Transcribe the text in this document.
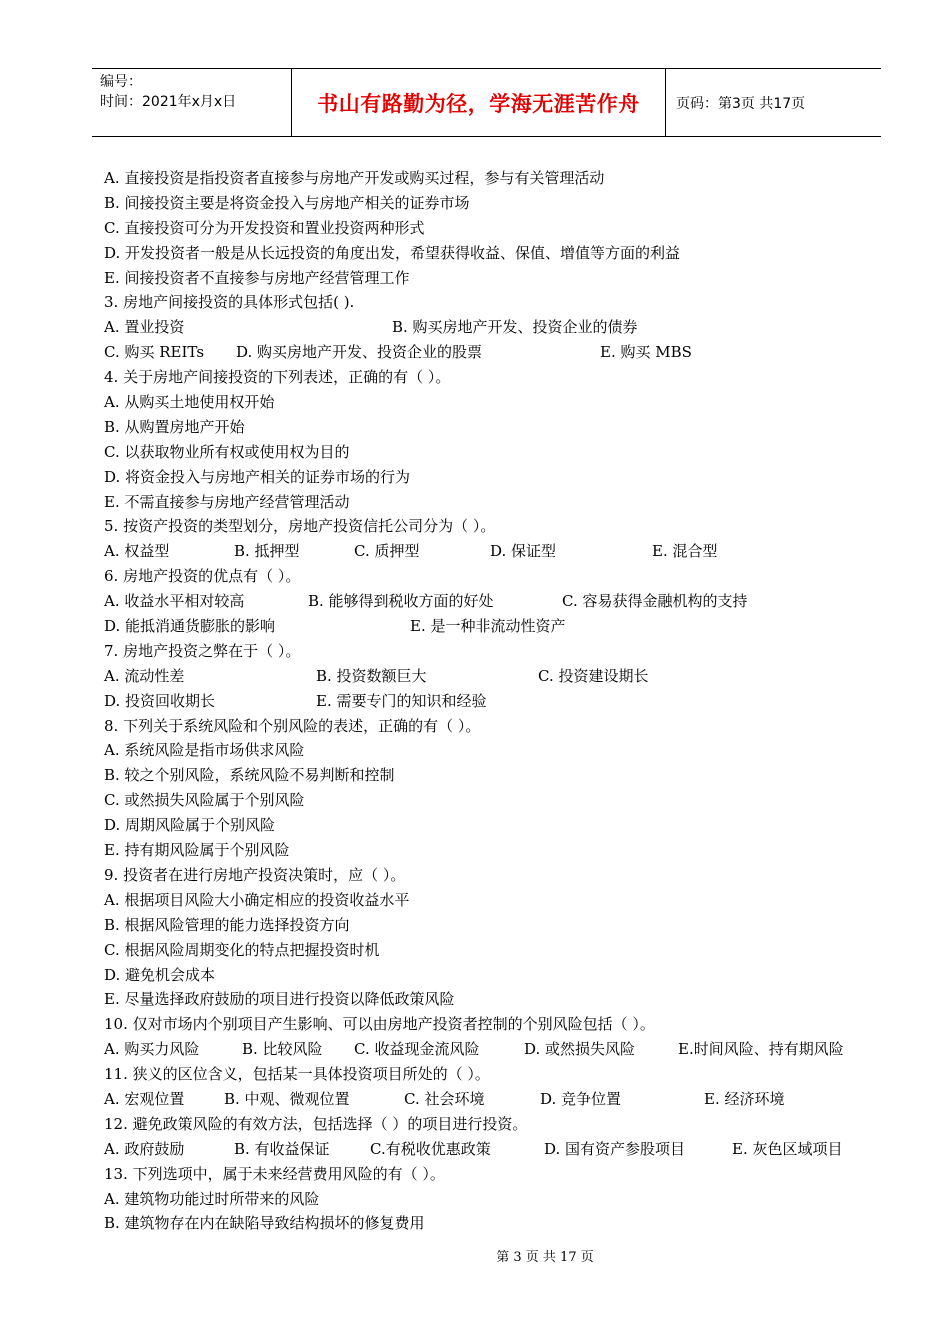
编号：
时间：2021年x月x日	书山有路勤为径，学海无涯苦作舟	页码：第3页 共17页
A. 直接投资是指投资者直接参与房地产开发或购买过程，参与有关管理活动
B. 间接投资主要是将资金投入与房地产相关的证券市场
C. 直接投资可分为开发投资和置业投资两种形式
D. 开发投资者一般是从长远投资的角度出发，希望获得收益、保值、增值等方面的利益
E. 间接投资者不直接参与房地产经营管理工作
3. 房地产间接投资的具体形式包括( ).
A. 置业投资	B. 购买房地产开发、投资企业的债券
C. 购买 REITs D. 购买房地产开发、投资企业的股票	E. 购买 MBS
4. 关于房地产间接投资的下列表述，正确的有（ ）。
A. 从购买土地使用权开始
B. 从购置房地产开始
C. 以获取物业所有权或使用权为目的
D. 将资金投入与房地产相关的证券市场的行为
E. 不需直接参与房地产经营管理活动
5. 按资产投资的类型划分，房地产投资信托公司分为（ ）。
A. 权益型	B. 抵押型	C. 质押型	D. 保证型	E. 混合型
6. 房地产投资的优点有（ ）。
A. 收益水平相对较高	B. 能够得到税收方面的好处	C. 容易获得金融机构的支持
D. 能抵消通货膨胀的影响	E. 是一种非流动性资产
7. 房地产投资之弊在于（ ）。
A. 流动性差	B. 投资数额巨大	C. 投资建设期长
D. 投资回收期长	E. 需要专门的知识和经验
8. 下列关于系统风险和个别风险的表述，正确的有（ ）。
A. 系统风险是指市场供求风险
B. 较之个别风险，系统风险不易判断和控制
C. 或然损失风险属于个别风险
D. 周期风险属于个别风险
E. 持有期风险属于个别风险
9. 投资者在进行房地产投资决策时，应（ ）。
A. 根据项目风险大小确定相应的投资收益水平
B. 根据风险管理的能力选择投资方向
C. 根据风险周期变化的特点把握投资时机
D. 避免机会成本
E. 尽量选择政府鼓励的项目进行投资以降低政策风险
10. 仅对市场内个别项目产生影响、可以由房地产投资者控制的个别风险包括（ ）。
A. 购买力风险	B. 比较风险 C. 收益现金流风险	D. 或然损失风险	E.时间风险、持有期风险
11. 狭义的区位含义，包括某一具体投资项目所处的（ ）。
A. 宏观位置	B. 中观、微观位置	C. 社会环境	D. 竞争位置	E. 经济环境
12. 避免政策风险的有效方法，包括选择（ ）的项目进行投资。
A. 政府鼓励	B. 有收益保证	C.有税收优惠政策	D. 国有资产参股项目	E. 灰色区域项目
13. 下列选项中，属于未来经营费用风险的有（ ）。
A. 建筑物功能过时所带来的风险
B. 建筑物存在内在缺陷导致结构损坏的修复费用
第 3 页 共 17 页
